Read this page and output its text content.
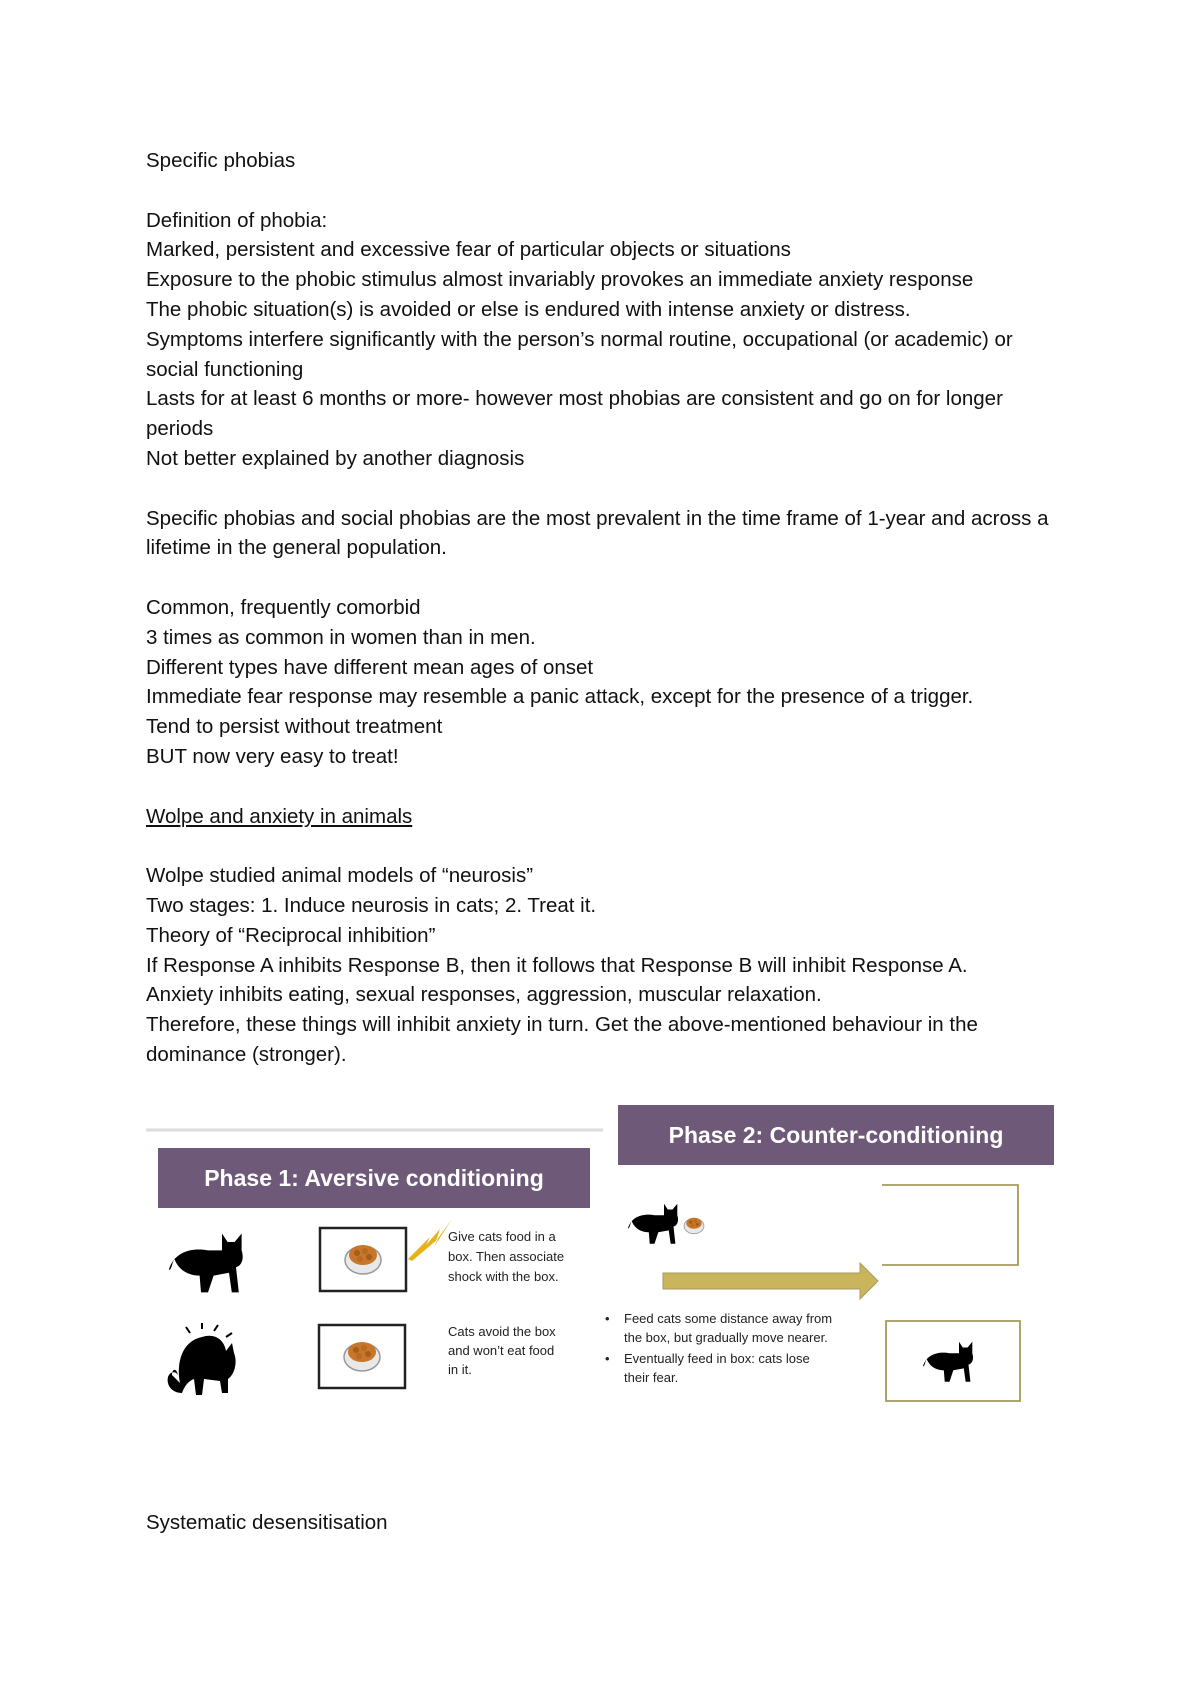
Specific phobias

Definition of phobia:

Marked, persistent and excessive fear of particular objects or situations

Exposure to the phobic stimulus almost invariably provokes an immediate anxiety response

The phobic situation(s) is avoided or else is endured with intense anxiety or distress.

Symptoms interfere significantly with the person’s normal routine, occupational (or academic) or social functioning

Lasts for at least 6 months or more- however most phobias are consistent and go on for longer periods

Not better explained by another diagnosis

Specific phobias and social phobias are the most prevalent in the time frame of 1-year and across a lifetime in the general population.

Common, frequently comorbid

3 times as common in women than in men.

Different types have different mean ages of onset

Immediate fear response may resemble a panic attack, except for the presence of a trigger.

Tend to persist without treatment

BUT now very easy to treat!

Wolpe and anxiety in animals

Wolpe studied animal models of “neurosis”

Two stages: 1. Induce neurosis in cats; 2. Treat it.

Theory of “Reciprocal inhibition”

If Response A inhibits Response B, then it follows that Response B will inhibit Response A.

Anxiety inhibits eating, sexual responses, aggression, muscular relaxation.

Therefore, these things will inhibit anxiety in turn. Get the above-mentioned behaviour in the dominance (stronger).

Phase 1: Aversive conditioning
Give cats food in a box. Then associate shock with the box.
Cats avoid the box and won’t eat food in it.
Phase 2: Counter-conditioning
• Feed cats some distance away from the box, but gradually move nearer. • Eventually feed in box: cats lose their fear.

Systematic desensitisation
